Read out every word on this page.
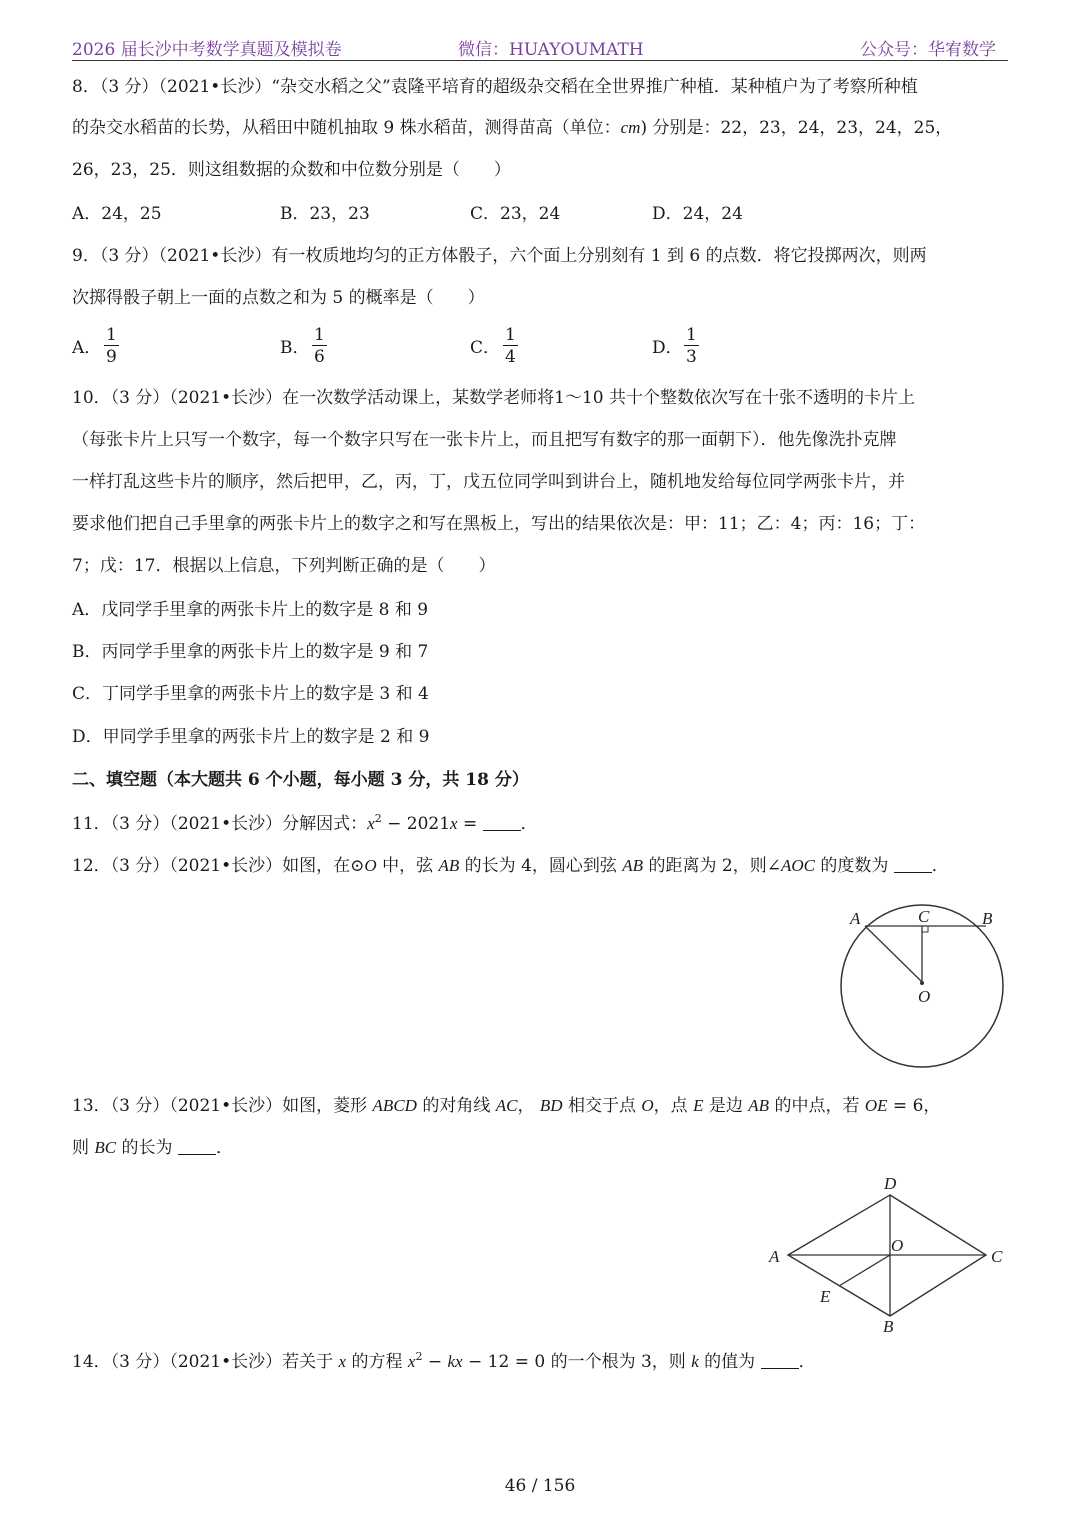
2026 届长沙中考数学真题及模拟卷	微信：HUAYOUMATH	公众号：华宥数学
8．（3 分）（2021•长沙）“杂交水稻之父”袁隆平培育的超级杂交稻在全世界推广种植．某种植户为了考察所种植
的杂交水稻苗的长势，从稻田中随机抽取 9 株水稻苗，测得苗高（单位：cm) 分别是：22，23，24，23，24，25，
26，23，25．则这组数据的众数和中位数分别是（　　）
A．24，25	B．23，23	C．23，24	D．24，24
9．（3 分）（2021•长沙）有一枚质地均匀的正方体骰子，六个面上分别刻有 1 到 6 的点数．将它投掷两次，则两
次掷得骰子朝上一面的点数之和为 5 的概率是（　　）
A． $\frac{1}{9}$	B． $\frac{1}{6}$	C． $\frac{1}{4}$	D． $\frac{1}{3}$
10．（3 分）（2021•长沙）在一次数学活动课上，某数学老师将1～10 共十个整数依次写在十张不透明的卡片上
（每张卡片上只写一个数字，每一个数字只写在一张卡片上，而且把写有数字的那一面朝下）．他先像洗扑克牌
一样打乱这些卡片的顺序，然后把甲，乙，丙，丁，戊五位同学叫到讲台上，随机地发给每位同学两张卡片，并
要求他们把自己手里拿的两张卡片上的数字之和写在黑板上，写出的结果依次是：甲：11；乙：4；丙：16；丁：
7；戊：17．根据以上信息，下列判断正确的是（　　）
A．戊同学手里拿的两张卡片上的数字是 8 和 9
B．丙同学手里拿的两张卡片上的数字是 9 和 7
C．丁同学手里拿的两张卡片上的数字是 3 和 4
D．甲同学手里拿的两张卡片上的数字是 2 和 9
二、填空题（本大题共 6 个小题，每小题 3 分，共 18 分）
11．（3 分）（2021•长沙）分解因式：$x^2 - 2021x$ = ．
12．（3 分）（2021•长沙）如图，在⊙O 中，弦 AB 的长为 4，圆心到弦 AB 的距离为 2，则∠AOC 的度数为 ．
A	C	B
O
13．（3 分）（2021•长沙）如图，菱形 ABCD 的对角线 AC， BD 相交于点 O，点 E 是边 AB 的中点，若 OE = 6，
则 BC 的长为 ．
A
D
C
B
O
E
14．（3 分）（2021•长沙）若关于 x 的方程 $x^2$ − kx − 12 = 0 的一个根为 3，则 k 的值为 ．
46 / 156
